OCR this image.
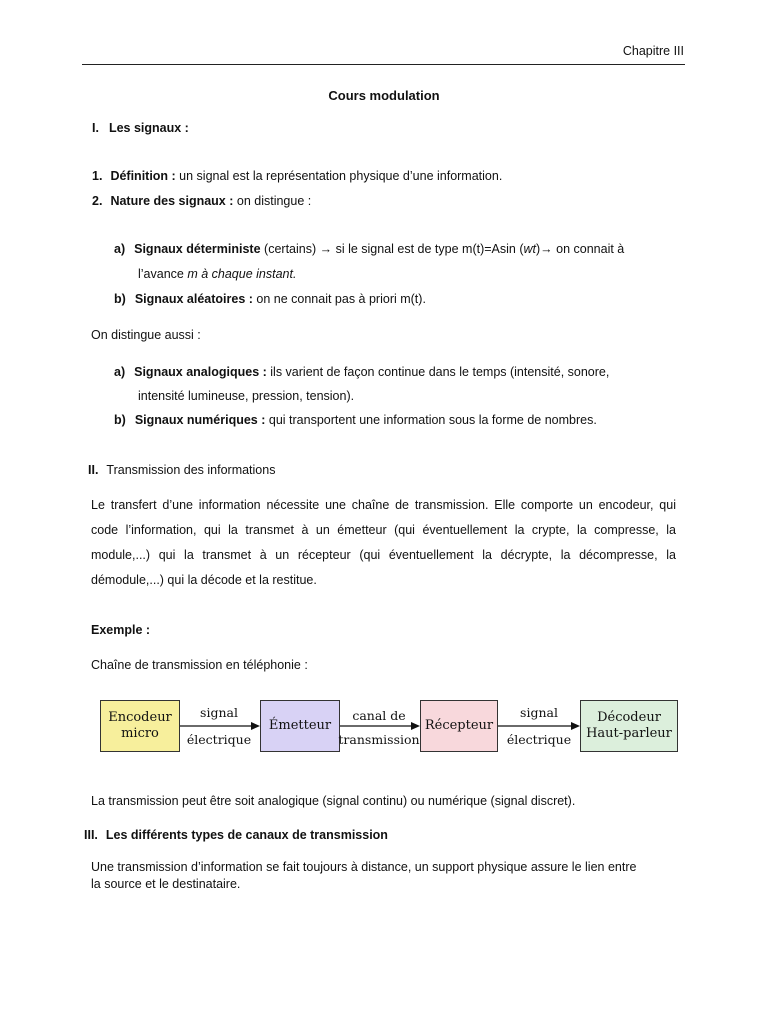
Chapitre III
Cours modulation
I. Les signaux :
1. Définition : un signal est la représentation physique d’une information.
2. Nature des signaux : on distingue :
a) Signaux déterministe (certains) → si le signal est de type m(t)=Asin (wt)→ on connait à
l’avance m à chaque instant.
b) Signaux aléatoires : on ne connait pas à priori m(t).
On distingue aussi :
a) Signaux analogiques : ils varient de façon continue dans le temps (intensité, sonore,
intensité lumineuse, pression, tension).
b) Signaux numériques : qui transportent une information sous la forme de nombres.
II. Transmission des informations
Le transfert d’une information nécessite une chaîne de transmission. Elle comporte un encodeur, qui code l’information, qui la transmet à un émetteur (qui éventuellement la crypte, la compresse, la module,...) qui la transmet à un récepteur (qui éventuellement la décrypte, la décompresse, la démodule,...) qui la décode et la restitue.
Exemple :
Chaîne de transmission en téléphonie :
Encodeur
micro
Émetteur	Récepteur
Décodeur
Haut-parleur
signal
électrique
canal de
transmission
signal
électrique
La transmission peut être soit analogique (signal continu) ou numérique (signal discret).
III. Les différents types de canaux de transmission
Une transmission d’information se fait toujours à distance, un support physique assure le lien entre
la source et le destinataire.
